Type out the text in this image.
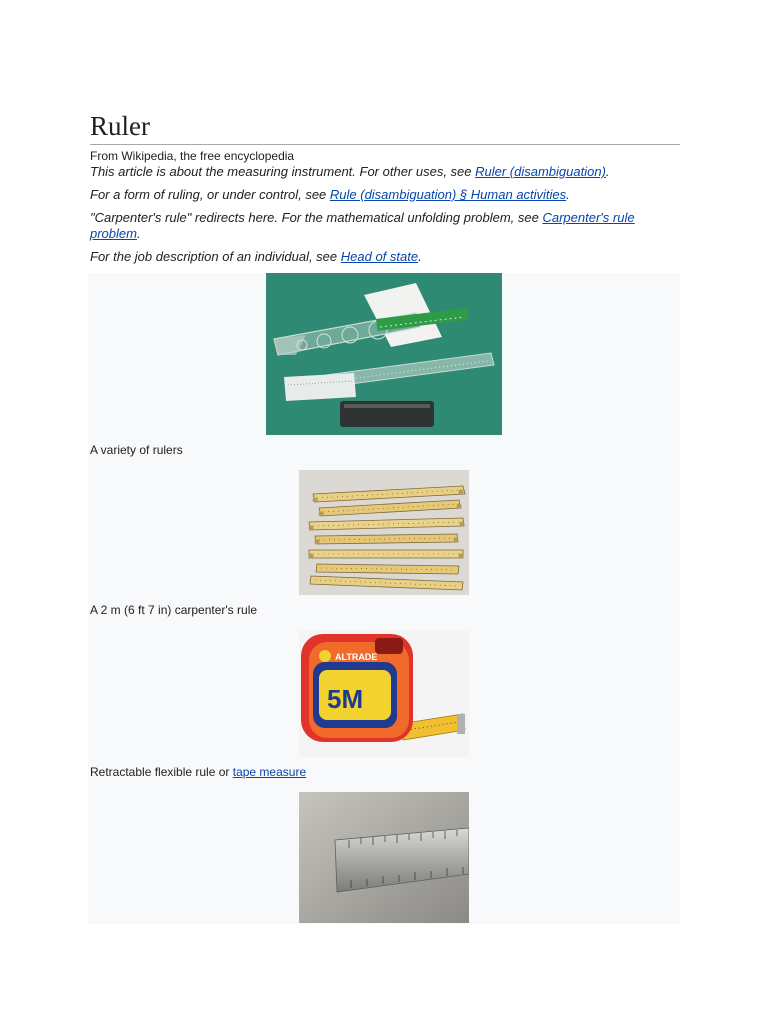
Ruler
From Wikipedia, the free encyclopedia

This article is about the measuring instrument. For other uses, see Ruler (disambiguation).

For a form of ruling, or under control, see Rule (disambiguation) § Human activities.

"Carpenter's rule" redirects here. For the mathematical unfolding problem, see Carpenter's rule problem.

For the job description of an individual, see Head of state.

A variety of rulers
A 2 m (6 ft 7 in) carpenter's rule
ALTRADE
5M
Retractable flexible rule or tape measure
